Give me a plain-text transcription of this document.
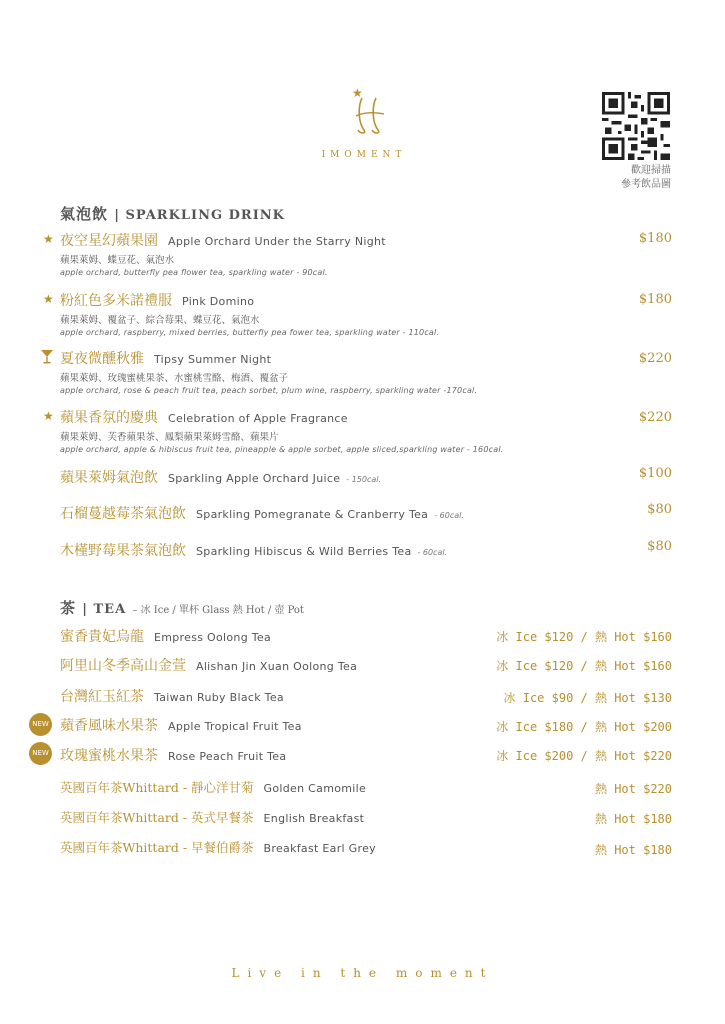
★
IMOMENT
歡迎掃描
參考飲品圖
氣泡飲 | SPARKLING DRINK
★ 夜空星幻蘋果園 Apple Orchard Under the Starry Night
蘋果萊姆、蝶豆花、氣泡水
apple orchard, butterfly pea flower tea, sparkling water - 90cal.
$180
★ 粉紅色多米諾禮服 Pink Domino
蘋果萊姆、覆盆子、綜合莓果、蝶豆花、氣泡水
apple orchard, raspberry, mixed berries, butterfly pea fower tea, sparkling water - 110cal.
$180
夏夜微醺秋雅 Tipsy Summer Night
蘋果萊姆、玫瑰蜜桃果茶、水蜜桃雪酪、梅酒、覆盆子
apple orchard, rose & peach fruit tea, peach sorbet, plum wine, raspberry, sparkling water -170cal.
$220
★ 蘋果香氛的慶典 Celebration of Apple Fragrance
蘋果萊姆、芙香蘋果茶、鳳梨蘋果萊姆雪酪、蘋果片
apple orchard, apple & hibiscus fruit tea, pineapple & apple sorbet, apple sliced,sparkling water - 160cal.
$220
蘋果萊姆氣泡飲 Sparkling Apple Orchard Juice - 150cal.	$100
石榴蔓越莓茶氣泡飲 Sparkling Pomegranate & Cranberry Tea - 60cal.	$80
木槿野莓果茶氣泡飲 Sparkling Hibiscus & Wild Berries Tea - 60cal.	$80
茶 | TEA – 冰 Ice / 單杯 Glass 熱 Hot / 壺 Pot
蜜香貴妃烏龍 Empress Oolong Tea	冰 Ice $120 / 熱 Hot $160
阿里山冬季高山金萱 Alishan Jin Xuan Oolong Tea	冰 Ice $120 / 熱 Hot $160
台灣紅玉紅茶 Taiwan Ruby Black Tea	冰 Ice $90 / 熱 Hot $130
NEW 蘋香風味水果茶 Apple Tropical Fruit Tea	冰 Ice $180 / 熱 Hot $200
NEW 玫瑰蜜桃水果茶 Rose Peach Fruit Tea	冰 Ice $200 / 熱 Hot $220
英國百年茶Whittard - 靜心洋甘菊 Golden Camomile	熱 Hot $220
英國百年茶Whittard - 英式早餐茶 English Breakfast	熱 Hot $180
英國百年茶Whittard - 早餐伯爵茶 Breakfast Earl Grey	熱 Hot $180
Live in the moment
